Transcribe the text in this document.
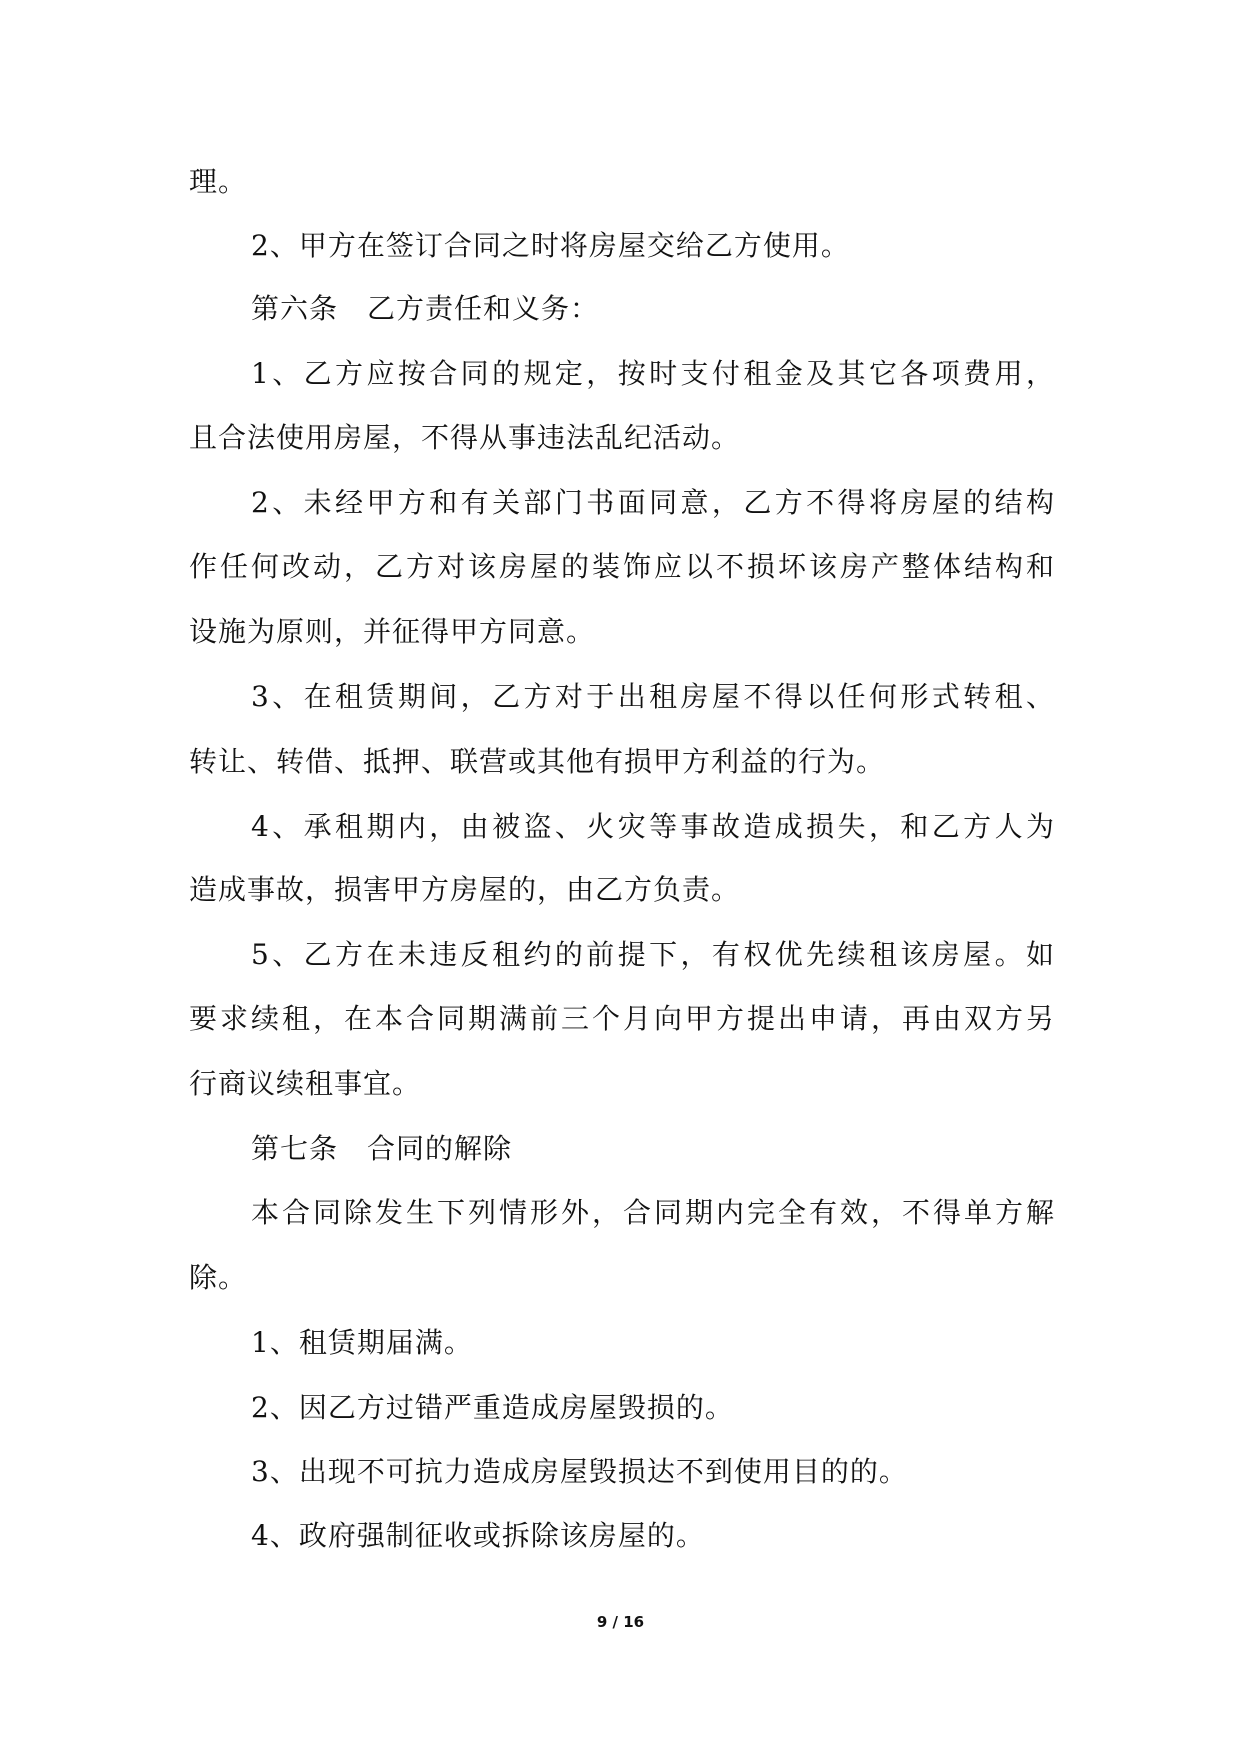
理。
2、甲方在签订合同之时将房屋交给乙方使用。
第六条　乙方责任和义务：
1、乙方应按合同的规定，按时支付租金及其它各项费用，
且合法使用房屋，不得从事违法乱纪活动。
2、未经甲方和有关部门书面同意，乙方不得将房屋的结构
作任何改动，乙方对该房屋的装饰应以不损坏该房产整体结构和
设施为原则，并征得甲方同意。
3、在租赁期间，乙方对于出租房屋不得以任何形式转租、
转让、转借、抵押、联营或其他有损甲方利益的行为。
4、承租期内，由被盗、火灾等事故造成损失，和乙方人为
造成事故，损害甲方房屋的，由乙方负责。
5、乙方在未违反租约的前提下，有权优先续租该房屋。如
要求续租，在本合同期满前三个月向甲方提出申请，再由双方另
行商议续租事宜。
第七条　合同的解除
本合同除发生下列情形外，合同期内完全有效，不得单方解
除。
1、租赁期届满。
2、因乙方过错严重造成房屋毁损的。
3、出现不可抗力造成房屋毁损达不到使用目的的。
4、政府强制征收或拆除该房屋的。
9 / 16
